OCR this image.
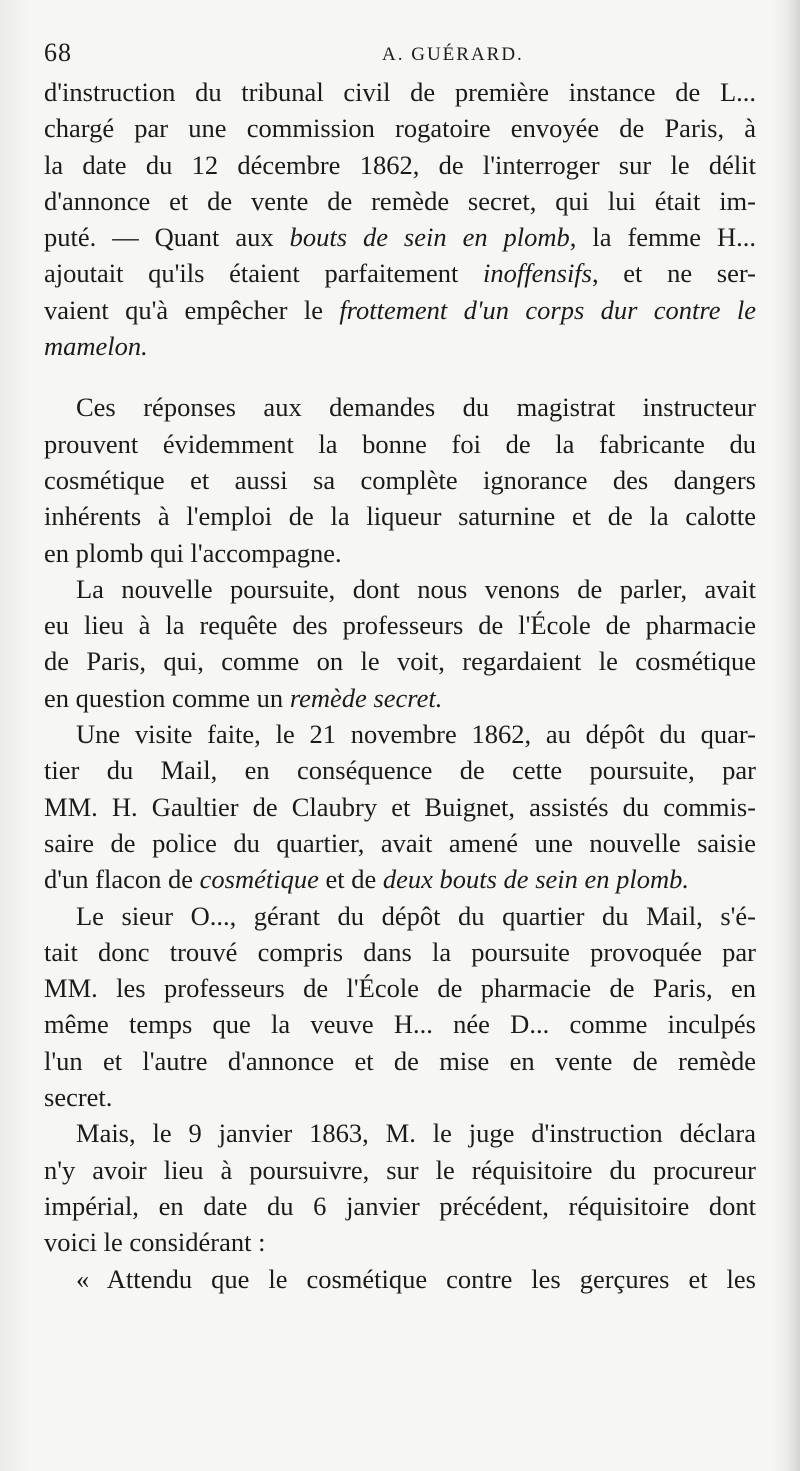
68	A. GUÉRARD.
d'instruction du tribunal civil de première instance de L...
chargé par une commission rogatoire envoyée de Paris, à
la date du 12 décembre 1862, de l'interroger sur le délit
d'annonce et de vente de remède secret, qui lui était im-
puté. — Quant aux bouts de sein en plomb, la femme H...
ajoutait qu'ils étaient parfaitement inoffensifs, et ne ser-
vaient qu'à empêcher le frottement d'un corps dur contre le
mamelon.
Ces réponses aux demandes du magistrat instructeur
prouvent évidemment la bonne foi de la fabricante du
cosmétique et aussi sa complète ignorance des dangers
inhérents à l'emploi de la liqueur saturnine et de la calotte
en plomb qui l'accompagne.
La nouvelle poursuite, dont nous venons de parler, avait
eu lieu à la requête des professeurs de l'École de pharmacie
de Paris, qui, comme on le voit, regardaient le cosmétique
en question comme un remède secret.
Une visite faite, le 21 novembre 1862, au dépôt du quar-
tier du Mail, en conséquence de cette poursuite, par
MM. H. Gaultier de Claubry et Buignet, assistés du commis-
saire de police du quartier, avait amené une nouvelle saisie
d'un flacon de cosmétique et de deux bouts de sein en plomb.
Le sieur O..., gérant du dépôt du quartier du Mail, s'é-
tait donc trouvé compris dans la poursuite provoquée par
MM. les professeurs de l'École de pharmacie de Paris, en
même temps que la veuve H... née D... comme inculpés
l'un et l'autre d'annonce et de mise en vente de remède
secret.
Mais, le 9 janvier 1863, M. le juge d'instruction déclara
n'y avoir lieu à poursuivre, sur le réquisitoire du procureur
impérial, en date du 6 janvier précédent, réquisitoire dont
voici le considérant :
« Attendu que le cosmétique contre les gerçures et les
